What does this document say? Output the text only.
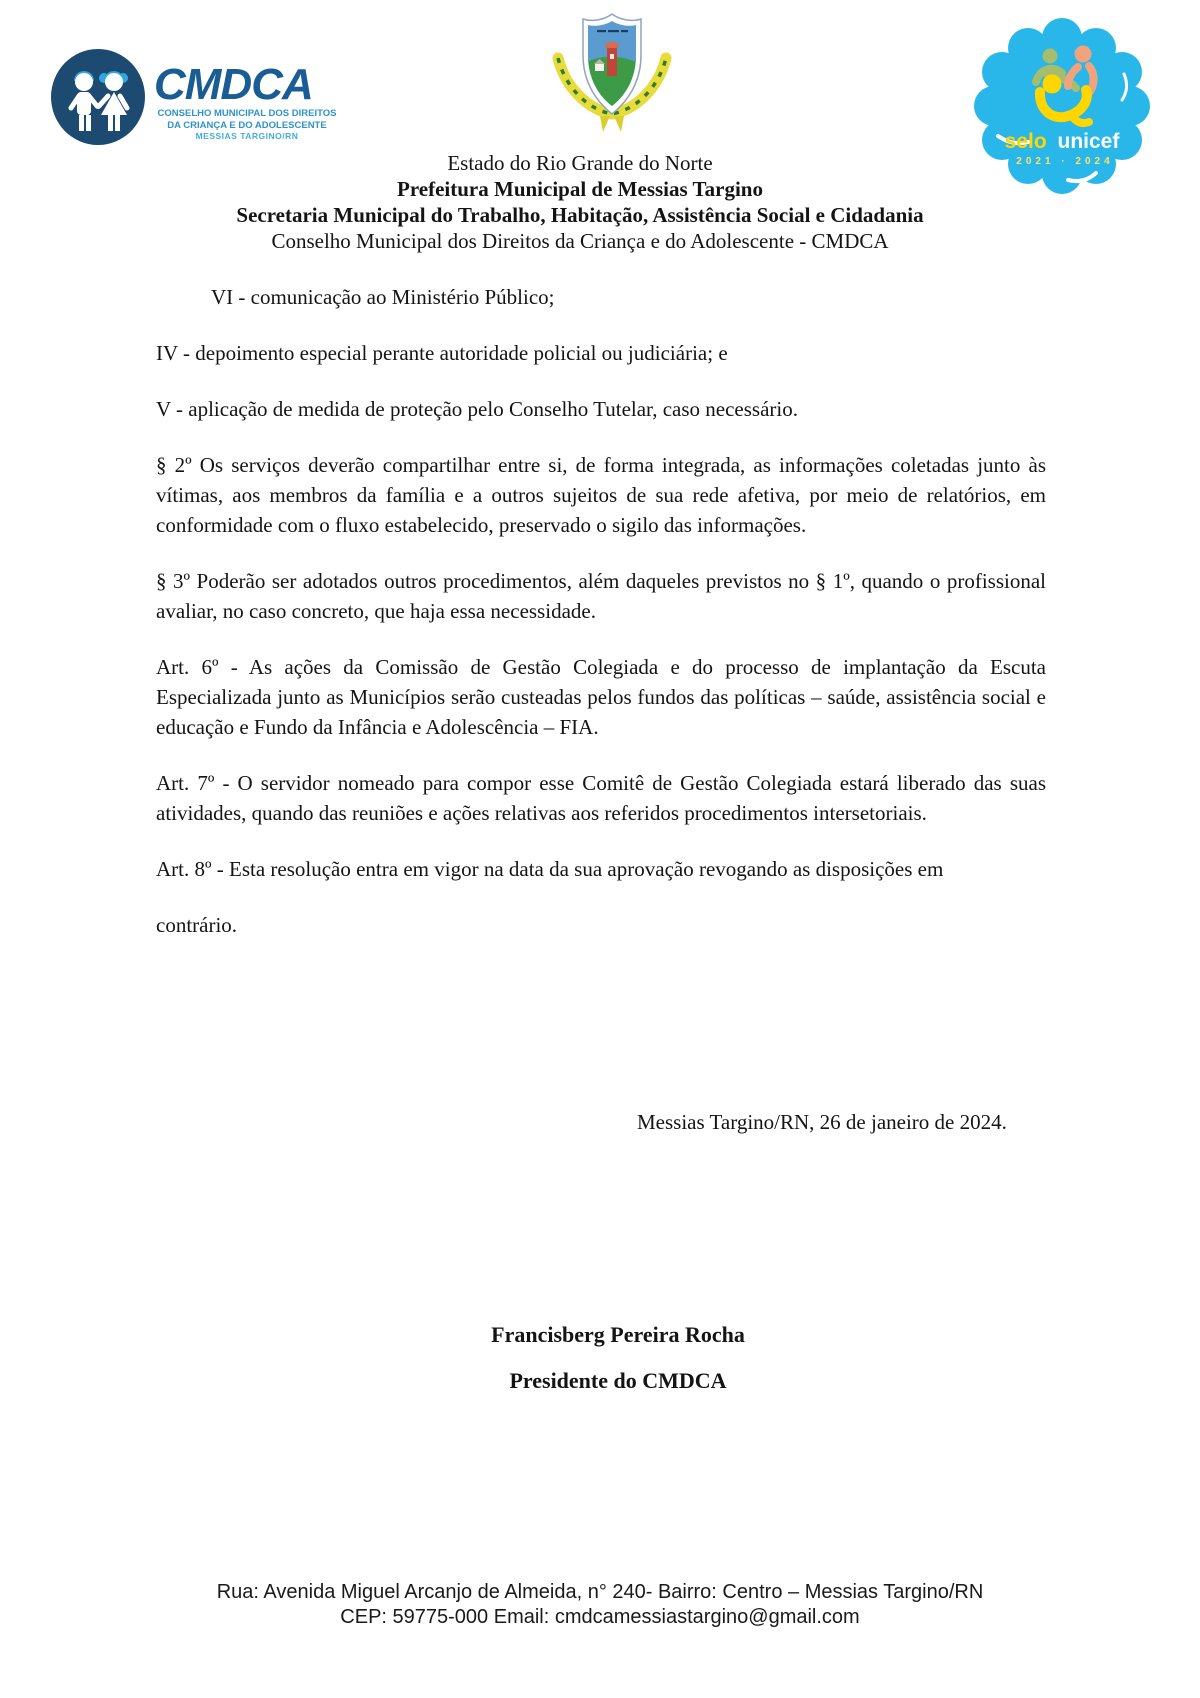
CMDCA
CONSELHO MUNICIPAL DOS DIREITOS
DA CRIANÇA E DO ADOLESCENTE
MESSIAS TARGINO/RN	selo unicef
2021 · 2024
Estado do Rio Grande do Norte
Prefeitura Municipal de Messias Targino
Secretaria Municipal do Trabalho, Habitação, Assistência Social e Cidadania
Conselho Municipal dos Direitos da Criança e do Adolescente - CMDCA

VI - comunicação ao Ministério Público;

IV - depoimento especial perante autoridade policial ou judiciária; e

V - aplicação de medida de proteção pelo Conselho Tutelar, caso necessário.

§ 2º Os serviços deverão compartilhar entre si, de forma integrada, as informações coletadas junto às vítimas, aos membros da família e a outros sujeitos de sua rede afetiva, por meio de relatórios, em conformidade com o fluxo estabelecido, preservado o sigilo das informações.

§ 3º Poderão ser adotados outros procedimentos, além daqueles previstos no § 1º, quando o profissional avaliar, no caso concreto, que haja essa necessidade.

Art. 6º - As ações da Comissão de Gestão Colegiada e do processo de implantação da Escuta Especializada junto as Municípios serão custeadas pelos fundos das políticas – saúde, assistência social e educação e Fundo da Infância e Adolescência – FIA.

Art. 7º - O servidor nomeado para compor esse Comitê de Gestão Colegiada estará liberado das suas atividades, quando das reuniões e ações relativas aos referidos procedimentos intersetoriais.

Art. 8º - Esta resolução entra em vigor na data da sua aprovação revogando as disposições em

contrário.

Messias Targino/RN, 26 de janeiro de 2024.
Francisberg Pereira Rocha
Presidente do CMDCA
Rua: Avenida Miguel Arcanjo de Almeida, n° 240- Bairro: Centro – Messias Targino/RN
CEP: 59775-000 Email: cmdcamessiastargino@gmail.com
